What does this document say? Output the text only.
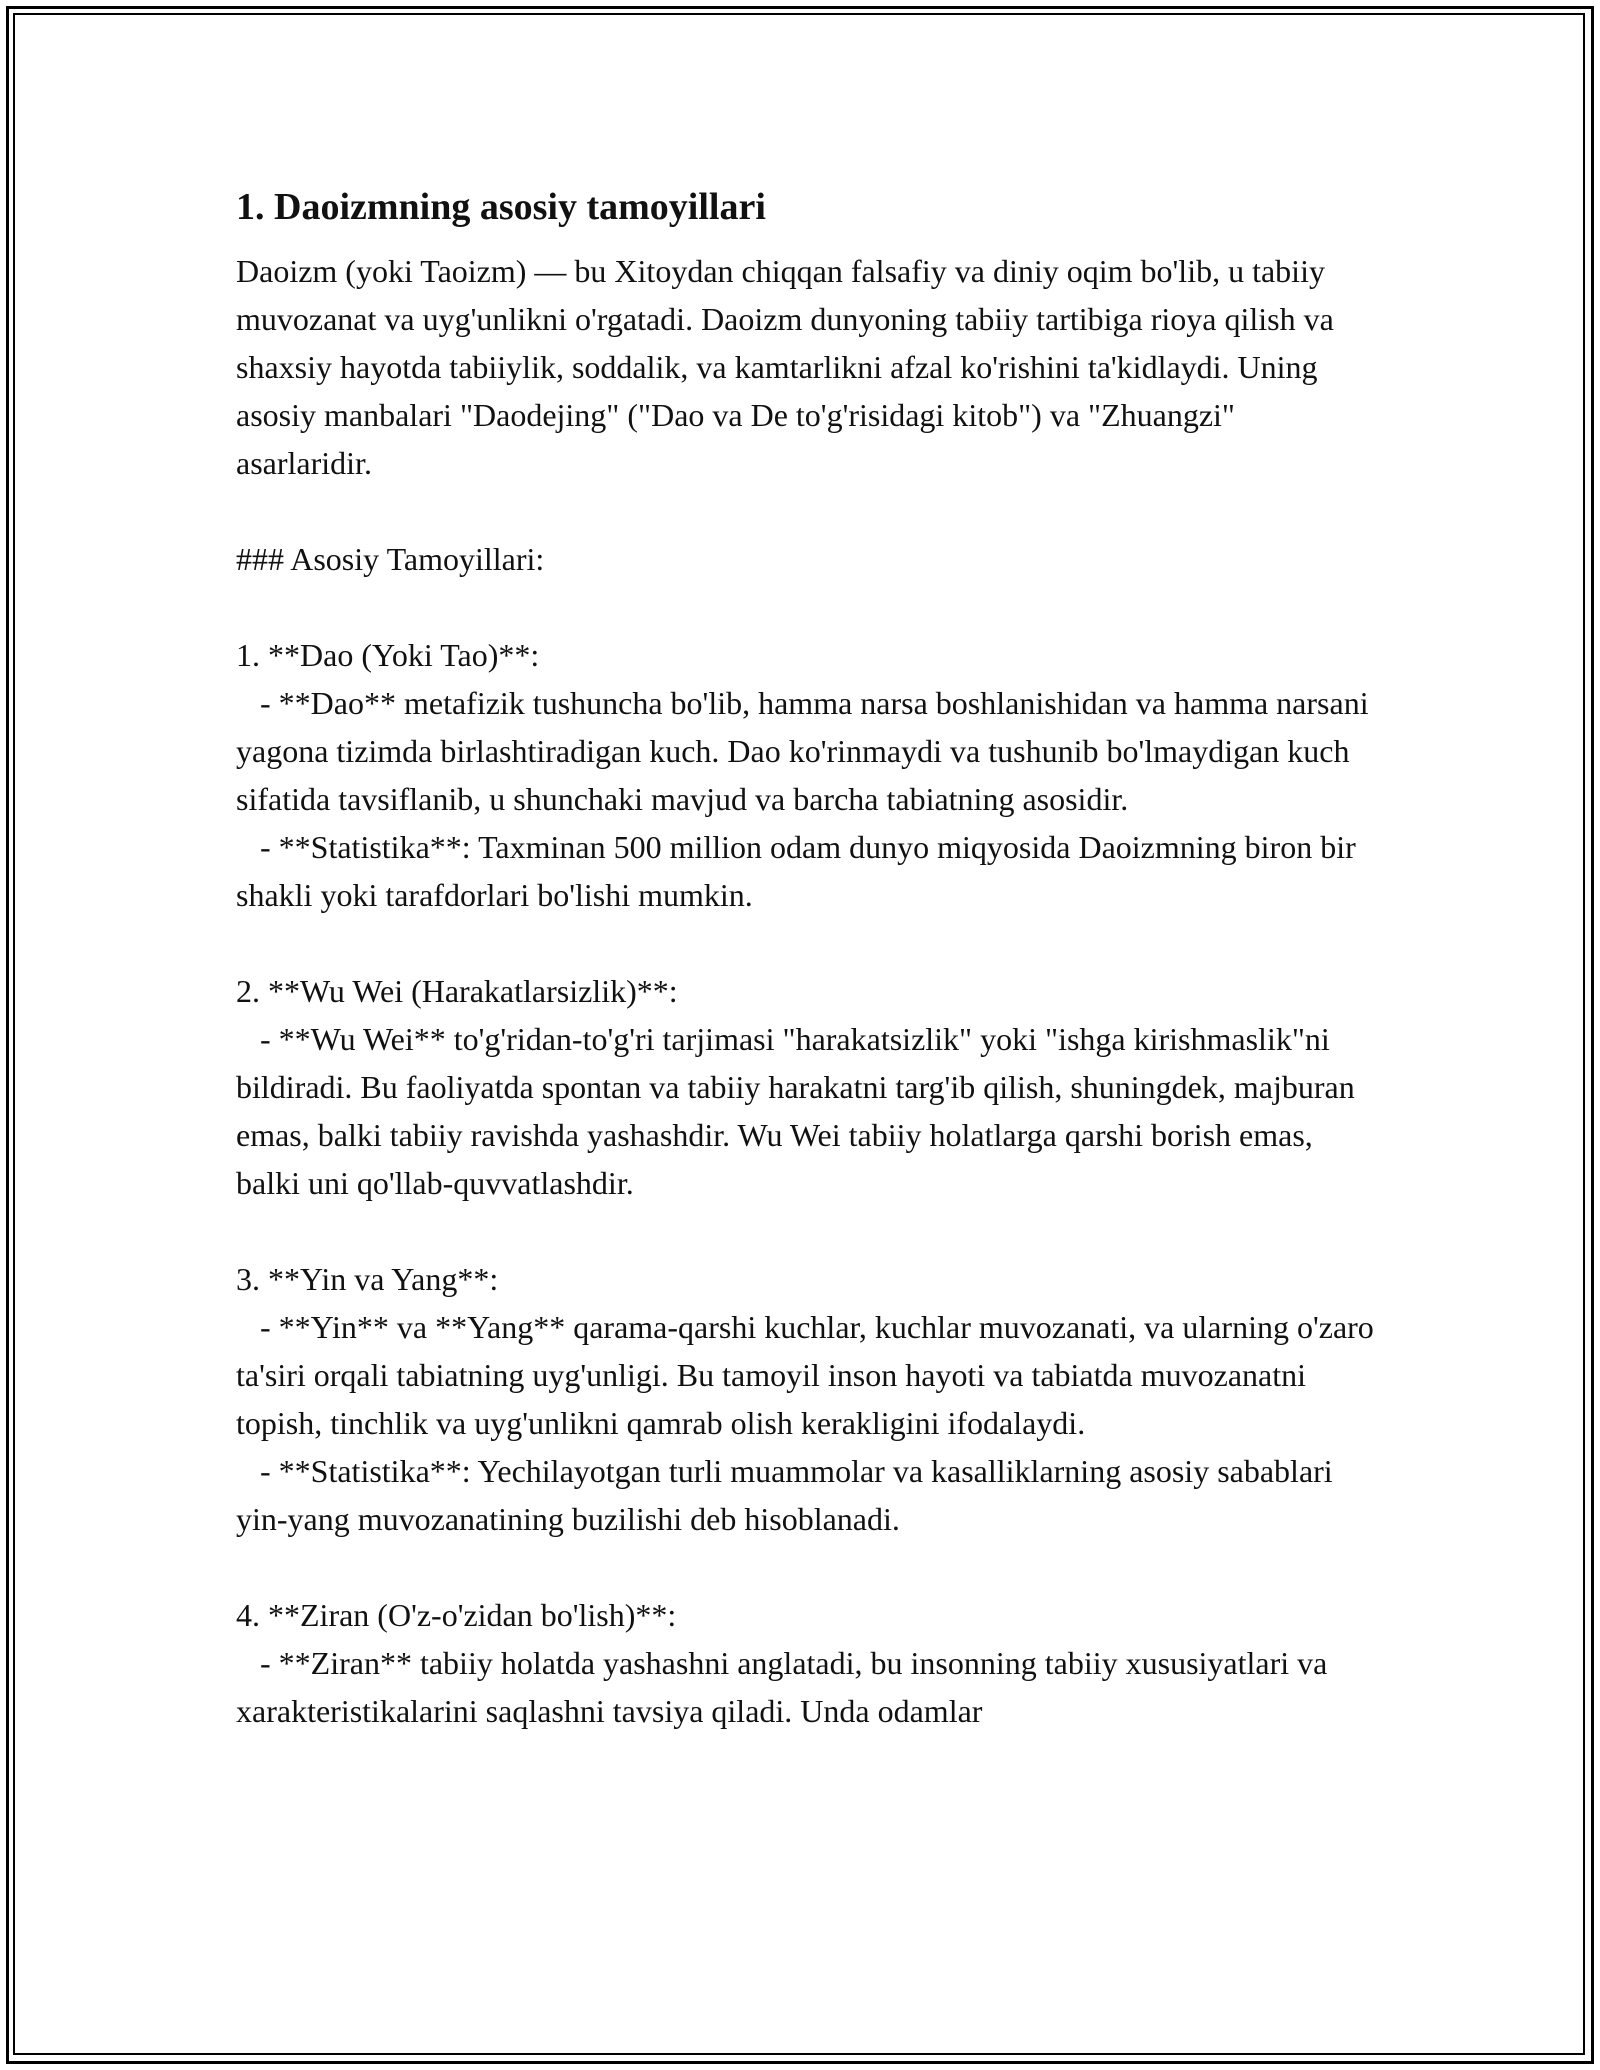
1. Daoizmning asosiy tamoyillari
Daoizm (yoki Taoizm) — bu Xitoydan chiqqan falsafiy va diniy oqim bo'lib, u tabiiy muvozanat va uyg'unlikni o'rgatadi. Daoizm dunyoning tabiiy tartibiga rioya qilish va shaxsiy hayotda tabiiylik, soddalik, va kamtarlikni afzal ko'rishini ta'kidlaydi. Uning asosiy manbalari "Daodejing" ("Dao va De to'g'risidagi kitob") va "Zhuangzi" asarlaridir.

### Asosiy Tamoyillari:

1. **Dao (Yoki Tao)**:
- **Dao** metafizik tushuncha bo'lib, hamma narsa boshlanishidan va hamma narsani yagona tizimda birlashtiradigan kuch. Dao ko'rinmaydi va tushunib bo'lmaydigan kuch sifatida tavsiflanib, u shunchaki mavjud va barcha tabiatning asosidir.
- **Statistika**: Taxminan 500 million odam dunyo miqyosida Daoizmning biron bir shakli yoki tarafdorlari bo'lishi mumkin.

2. **Wu Wei (Harakatlarsizlik)**:
- **Wu Wei** to'g'ridan-to'g'ri tarjimasi "harakatsizlik" yoki "ishga kirishmaslik"ni bildiradi. Bu faoliyatda spontan va tabiiy harakatni targ'ib qilish, shuningdek, majburan emas, balki tabiiy ravishda yashashdir. Wu Wei tabiiy holatlarga qarshi borish emas, balki uni qo'llab-quvvatlashdir.

3. **Yin va Yang**:
- **Yin** va **Yang** qarama-qarshi kuchlar, kuchlar muvozanati, va ularning o'zaro ta'siri orqali tabiatning uyg'unligi. Bu tamoyil inson hayoti va tabiatda muvozanatni topish, tinchlik va uyg'unlikni qamrab olish kerakligini ifodalaydi.
- **Statistika**: Yechilayotgan turli muammolar va kasalliklarning asosiy sabablari yin-yang muvozanatining buzilishi deb hisoblanadi.

4. **Ziran (O'z-o'zidan bo'lish)**:
- **Ziran** tabiiy holatda yashashni anglatadi, bu insonning tabiiy xususiyatlari va xarakteristikalarini saqlashni tavsiya qiladi. Unda odamlar
